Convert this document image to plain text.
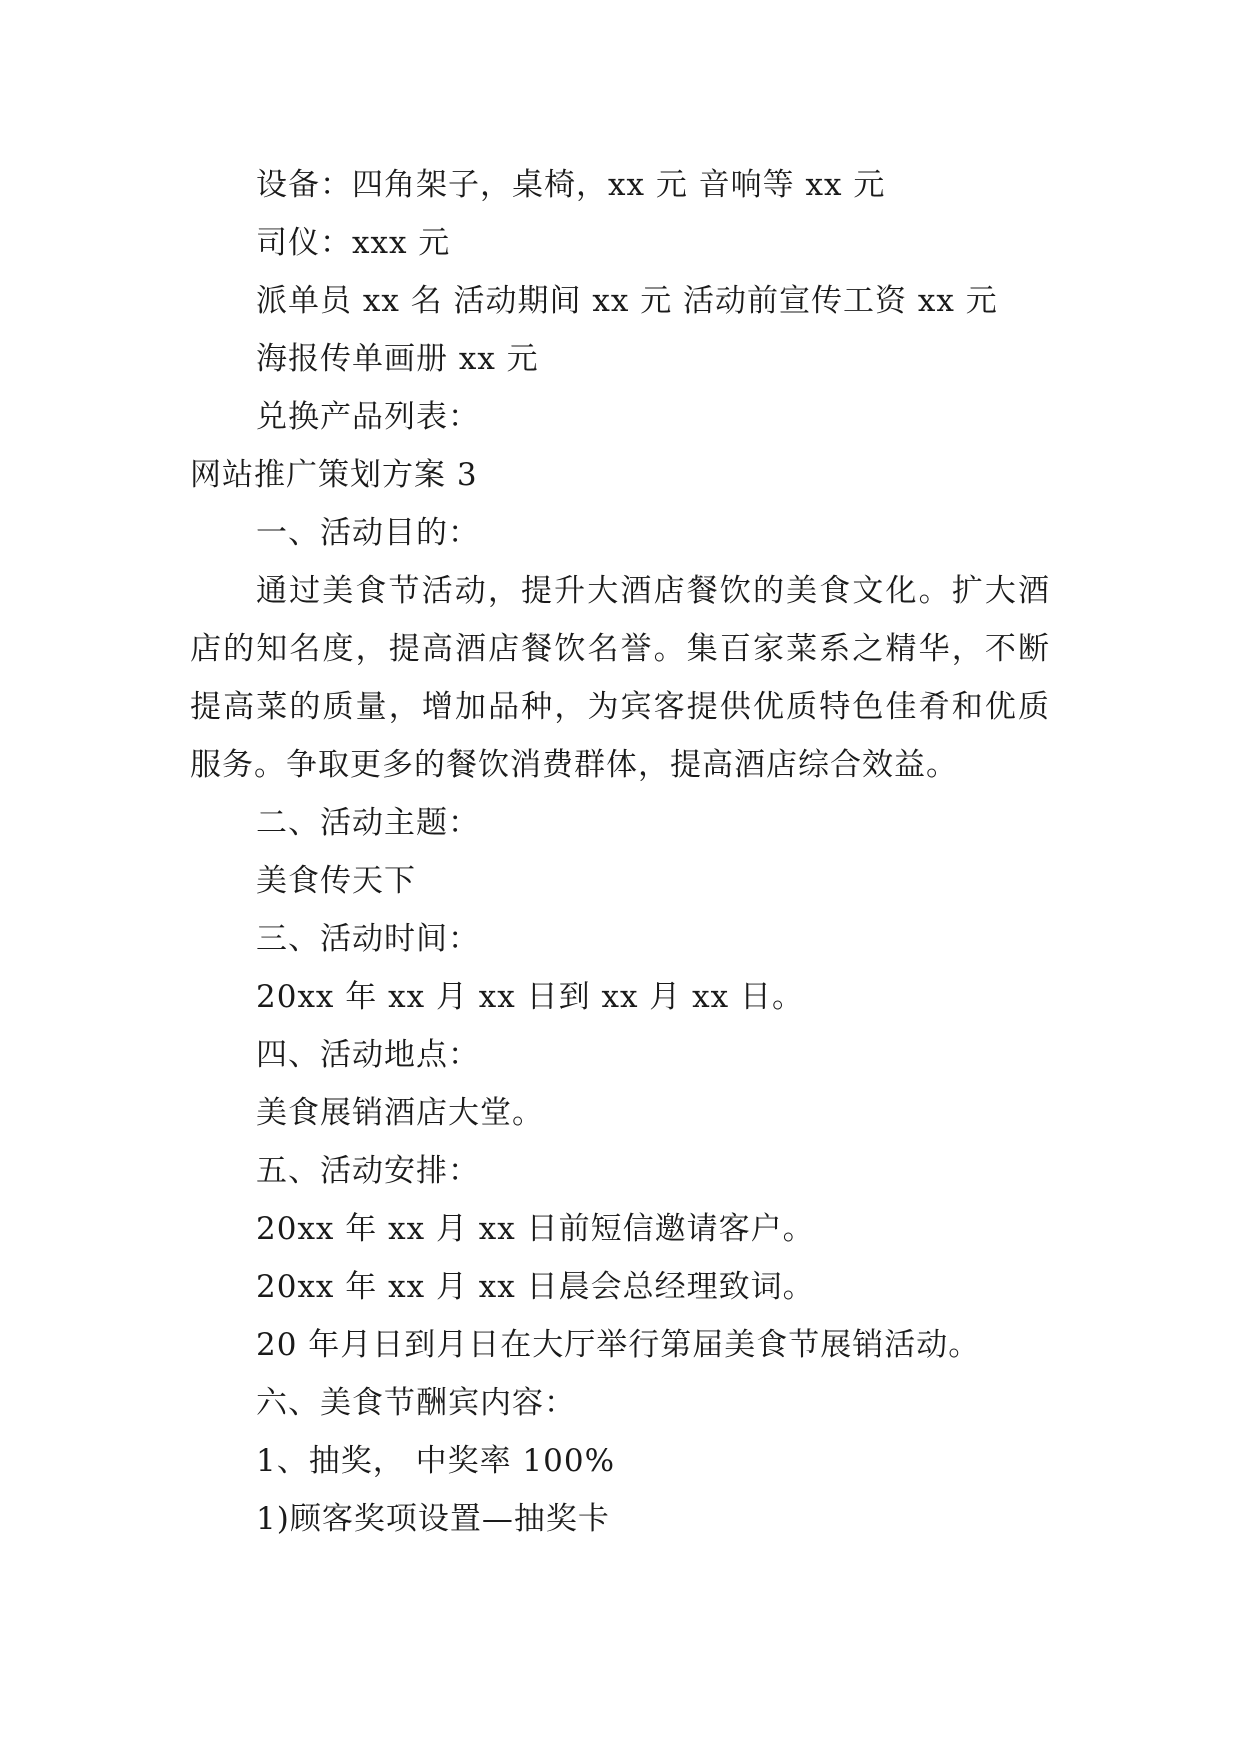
设备：四角架子，桌椅，xx 元 音响等 xx 元
司仪：xxx 元
派单员 xx 名 活动期间 xx 元 活动前宣传工资 xx 元
海报传单画册 xx 元
兑换产品列表：
网站推广策划方案 3
一、活动目的：
通过美食节活动，提升大酒店餐饮的美食文化。扩大酒店的知名度，提高酒店餐饮名誉。集百家菜系之精华，不断提高菜的质量，增加品种，为宾客提供优质特色佳肴和优质服务。争取更多的餐饮消费群体，提高酒店综合效益。
二、活动主题：
美食传天下
三、活动时间：
20xx 年 xx 月 xx 日到 xx 月 xx 日。
四、活动地点：
美食展销酒店大堂。
五、活动安排：
20xx 年 xx 月 xx 日前短信邀请客户。
20xx 年 xx 月 xx 日晨会总经理致词。
20 年月日到月日在大厅举行第届美食节展销活动。
六、美食节酬宾内容：
1、抽奖， 中奖率 100%
1)顾客奖项设置—抽奖卡
